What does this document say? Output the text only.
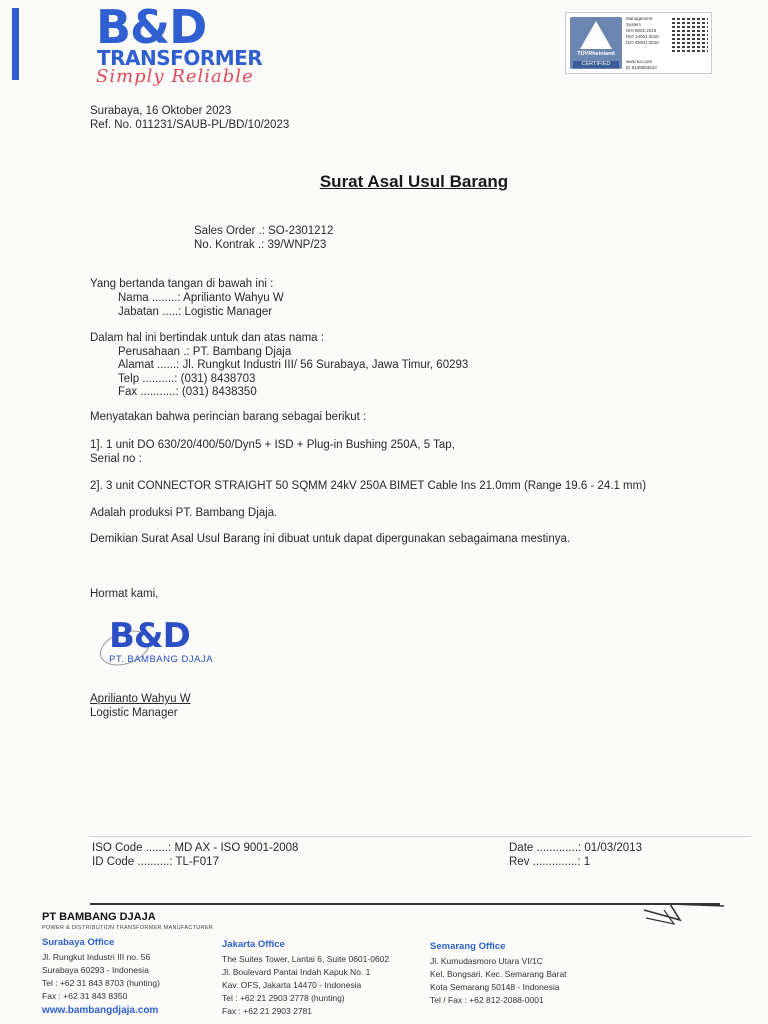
B&D
TRANSFORMER
Simply Reliable
TÜVRheinland
CERTIFIED
Management
System
ISO 9001:2015
ISO 14001:2015
ISO 45001:2018
www.tuv.com
ID 9108083643
Surabaya, 16 Oktober 2023
Ref. No. 011231/SAUB-PL/BD/10/2023
Surat Asal Usul Barang
Sales Order .: SO-2301212
No. Kontrak .: 39/WNP/23
Yang bertanda tangan di bawah ini :
Nama ........: Aprilianto Wahyu W
Jabatan .....: Logistic Manager
Dalam hal ini bertindak untuk dan atas nama :
Perusahaan .: PT. Bambang Djaja
Alamat ......: Jl. Rungkut Industri III/ 56 Surabaya, Jawa Timur, 60293
Telp ..........: (031) 8438703
Fax ...........: (031) 8438350
Menyatakan bahwa perincian barang sebagai berikut :
1]. 1 unit DO 630/20/400/50/Dyn5 + ISD + Plug-in Bushing 250A, 5 Tap,
Serial no :
2]. 3 unit CONNECTOR STRAIGHT 50 SQMM 24kV 250A BIMET Cable Ins 21.0mm (Range 19.6 - 24.1 mm)
Adalah produksi PT. Bambang Djaja.
Demikian Surat Asal Usul Barang ini dibuat untuk dapat dipergunakan sebagaimana mestinya.
Hormat kami,
B&D
PT. BAMBANG DJAJA
Aprilianto Wahyu W
Logistic Manager
ISO Code .......: MD AX - ISO 9001-2008
ID Code ..........: TL-F017
Date .............: 01/03/2013
Rev ..............: 1
PT BAMBANG DJAJA
POWER & DISTRIBUTION TRANSFORMER MANUFACTURER
Surabaya Office
Jl. Rungkut Industri III no. 56
Surabaya 60293 - Indonesia
Tel : +62 31 843 8703 (hunting)
Fax : +62 31 843 8350
www.bambangdjaja.com
Jakarta Office
The Suites Tower, Lantai 6, Suite 0601-0602
Jl. Boulevard Pantai Indah Kapuk No. 1
Kav. OFS, Jakarta 14470 - Indonesia
Tel : +62 21 2903 2778 (hunting)
Fax : +62 21 2903 2781
Semarang Office
Jl. Kumudasmoro Utara VI/1C
Kel. Bongsari, Kec. Semarang Barat
Kota Semarang 50148 - Indonesia
Tel / Fax : +62 812-2088-0001
